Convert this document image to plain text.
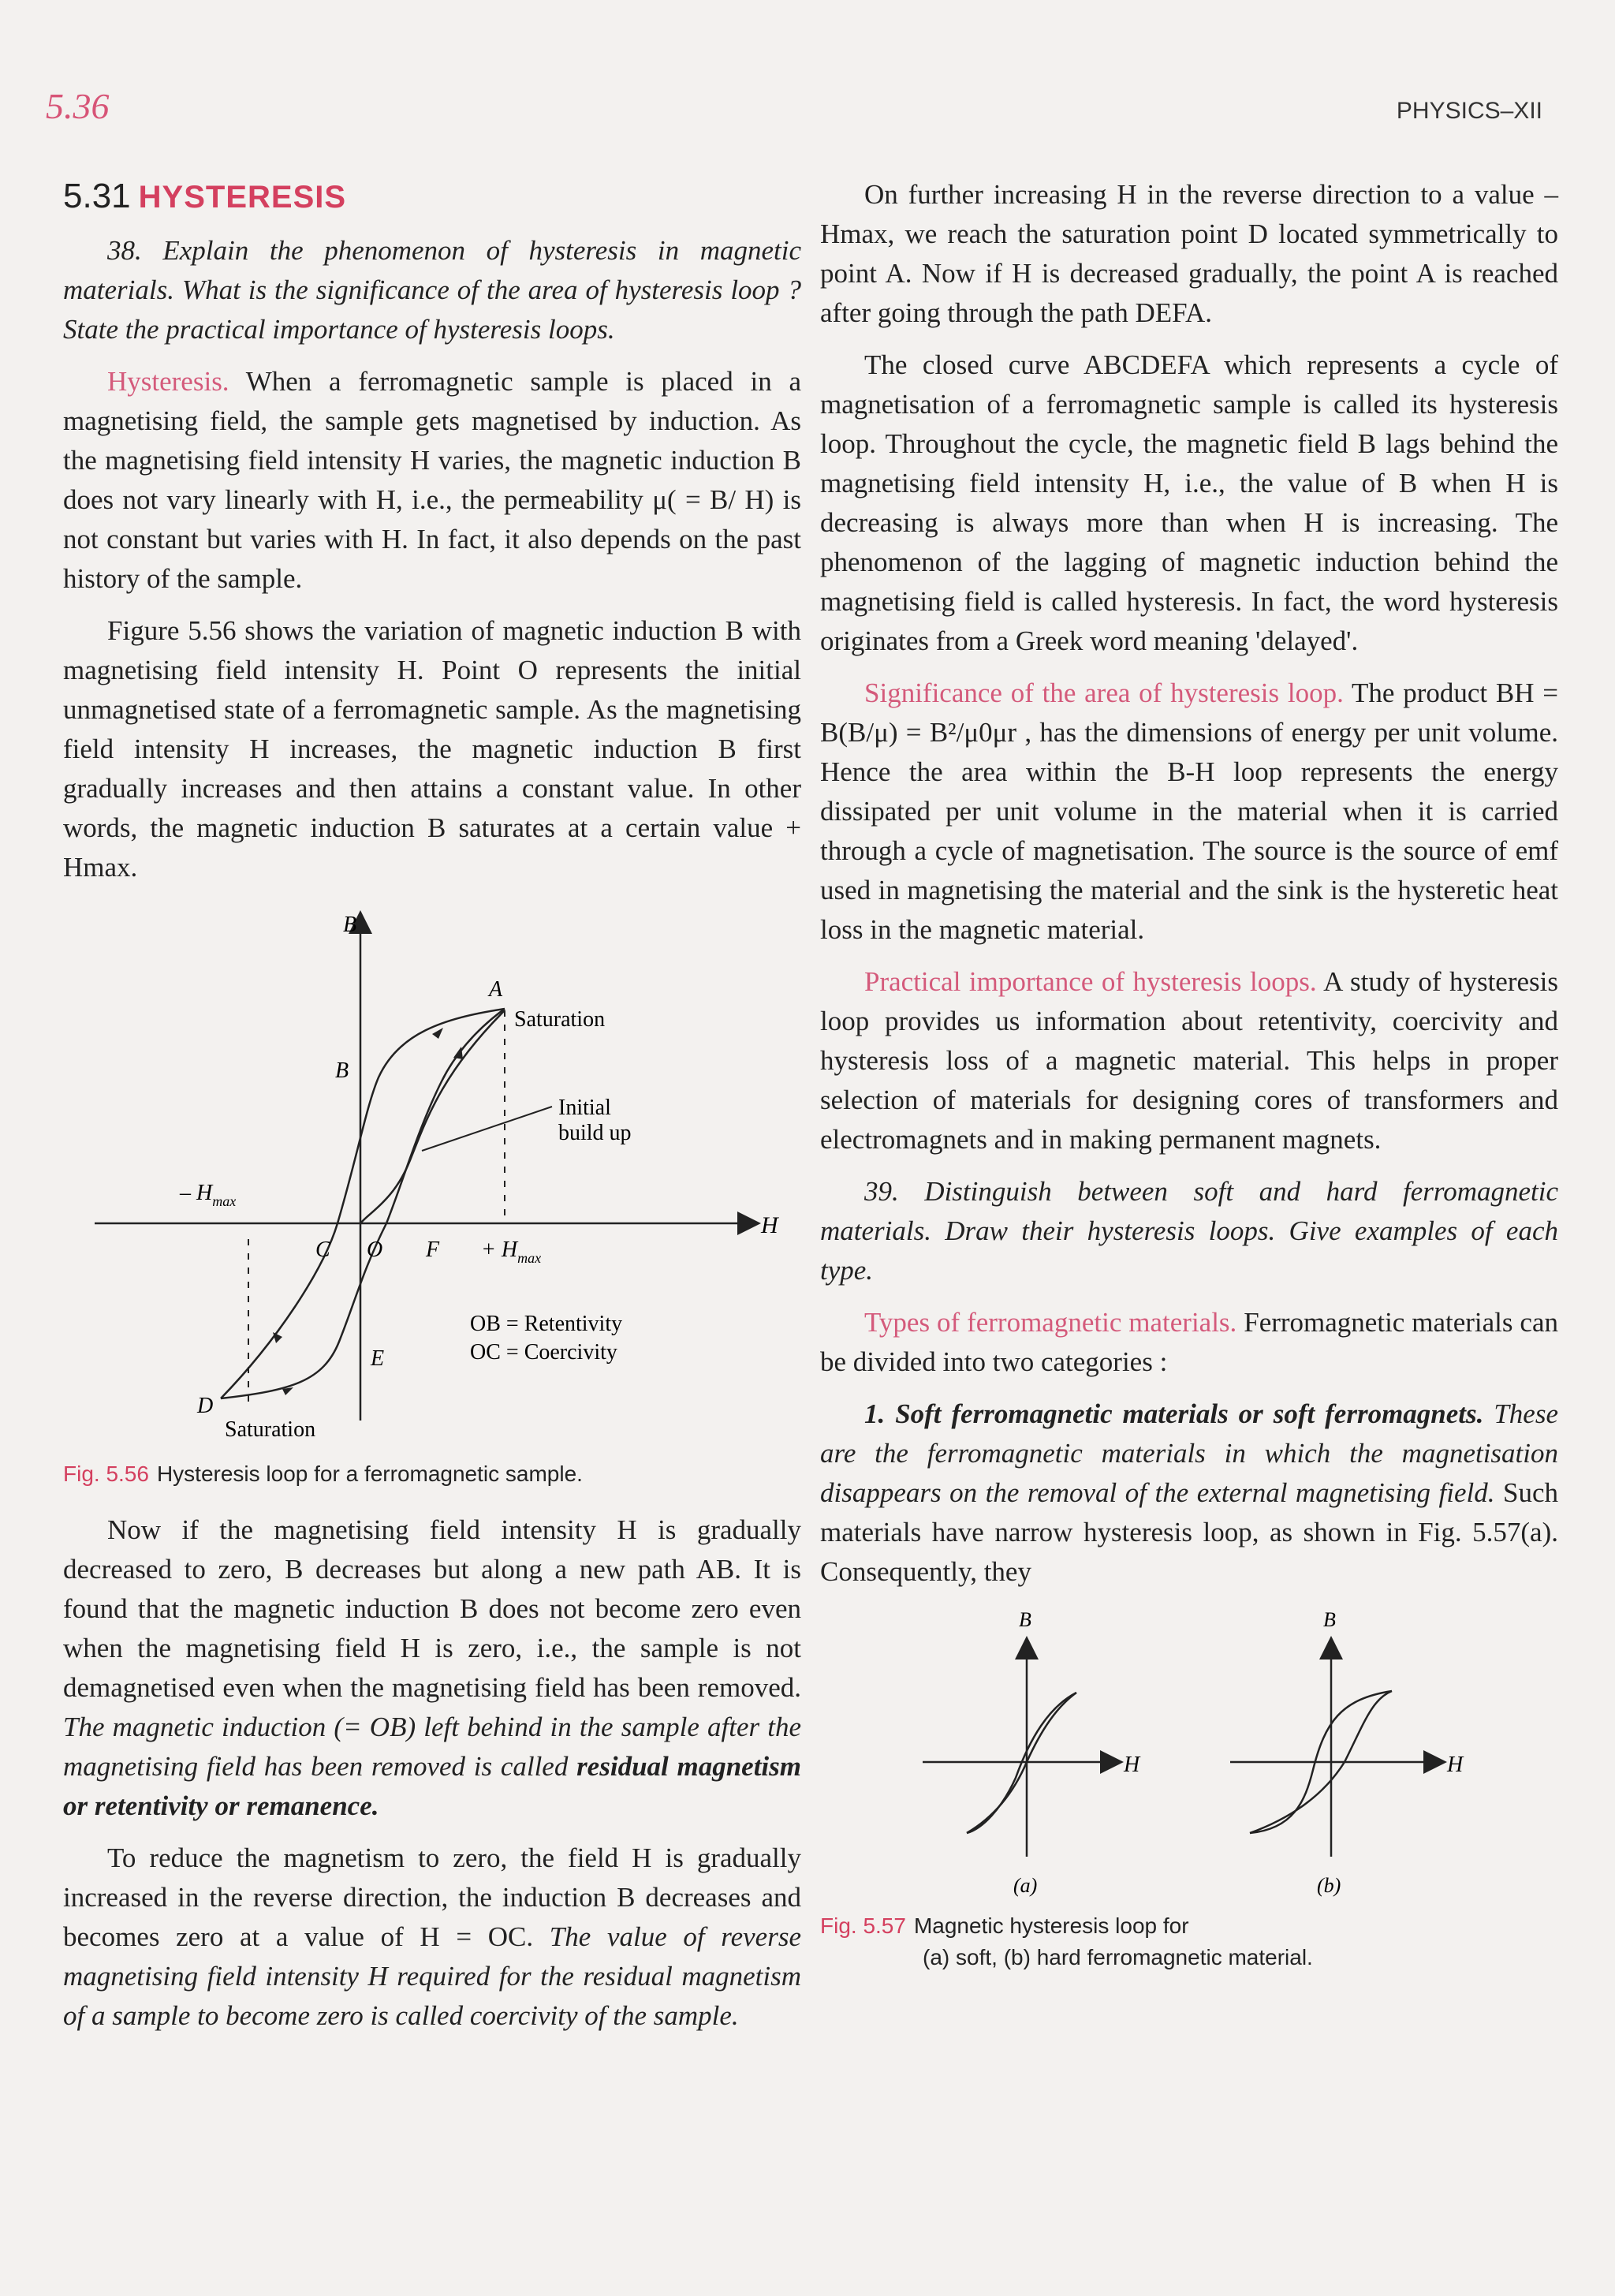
5.36	PHYSICS–XII
5.31 HYSTERESIS

38. Explain the phenomenon of hysteresis in magnetic materials. What is the significance of the area of hysteresis loop ? State the practical importance of hysteresis loops.

Hysteresis. When a ferromagnetic sample is placed in a magnetising field, the sample gets magnetised by induction. As the magnetising field intensity H varies, the magnetic induction B does not vary linearly with H, i.e., the permeability μ( = B/ H) is not constant but varies with H. In fact, it also depends on the past history of the sample.

Figure 5.56 shows the variation of magnetic induction B with magnetising field intensity H. Point O represents the initial unmagnetised state of a ferromagnetic sample. As the magnetising field intensity H increases, the magnetic induction B first gradually increases and then attains a constant value. In other words, the magnetic induction B saturates at a certain value + Hmax.

B
H
A
Saturation
B
Initial
build up
– $H_{max}$
C O $F + H_{max}$
OB = Retentivity
OC = Coercivity
E
D
Saturation
Fig. 5.56 Hysteresis loop for a ferromagnetic sample.

Now if the magnetising field intensity H is gradually decreased to zero, B decreases but along a new path AB. It is found that the magnetic induction B does not become zero even when the magnetising field H is zero, i.e., the sample is not demagnetised even when the magnetising field has been removed. The magnetic induction (= OB) left behind in the sample after the magnetising field has been removed is called residual magnetism or retentivity or remanence.

To reduce the magnetism to zero, the field H is gradually increased in the reverse direction, the induction B decreases and becomes zero at a value of H = OC. The value of reverse magnetising field intensity H required for the residual magnetism of a sample to become zero is called coercivity of the sample.

On further increasing H in the reverse direction to a value – Hmax, we reach the saturation point D located symmetrically to point A. Now if H is decreased gradually, the point A is reached after going through the path DEFA.

The closed curve ABCDEFA which represents a cycle of magnetisation of a ferromagnetic sample is called its hysteresis loop. Throughout the cycle, the magnetic field B lags behind the magnetising field intensity H, i.e., the value of B when H is decreasing is always more than when H is increasing. The phenomenon of the lagging of magnetic induction behind the magnetising field is called hysteresis. In fact, the word hysteresis originates from a Greek word meaning 'delayed'.

Significance of the area of hysteresis loop. The product BH = B(B/μ) = B²/μ0μr , has the dimensions of energy per unit volume. Hence the area within the B-H loop represents the energy dissipated per unit volume in the material when it is carried through a cycle of magnetisation. The source is the source of emf used in magnetising the material and the sink is the hysteretic heat loss in the magnetic material.

Practical importance of hysteresis loops. A study of hysteresis loop provides us information about retentivity, coercivity and hysteresis loss of a magnetic material. This helps in proper selection of materials for designing cores of transformers and electromagnets and in making permanent magnets.

39. Distinguish between soft and hard ferromagnetic materials. Draw their hysteresis loops. Give examples of each type.

Types of ferromagnetic materials. Ferromagnetic materials can be divided into two categories :

1. Soft ferromagnetic materials or soft ferromagnets. These are the ferromagnetic materials in which the magnetisation disappears on the removal of the external magnetising field. Such materials have narrow hysteresis loop, as shown in Fig. 5.57(a). Consequently, they

B
H
(a)
B
H
(b)
Fig. 5.57 Magnetic hysteresis loop for
(a) soft, (b) hard ferromagnetic material.
